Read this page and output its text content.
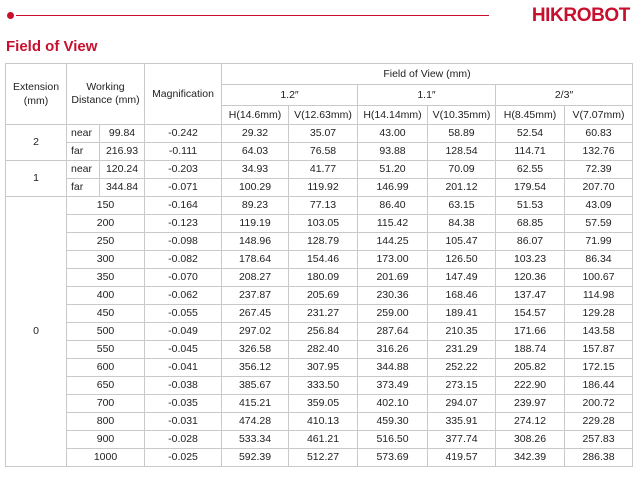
HIKROBOT
Field of View
Extension (mm)	Working Distance (mm)		Magnification	Field of View (mm)					
				1.2″		1.1″		2/3″	
				H(14.6mm)	V(12.63mm)	H(14.14mm)	V(10.35mm)	H(8.45mm)	V(7.07mm)
2	near	99.84	-0.242	29.32	35.07	43.00	58.89	52.54	60.83
	far	216.93	-0.111	64.03	76.58	93.88	128.54	114.71	132.76
1	near	120.24	-0.203	34.93	41.77	51.20	70.09	62.55	72.39
	far	344.84	-0.071	100.29	119.92	146.99	201.12	179.54	207.70
0	150		-0.164	89.23	77.13	86.40	63.15	51.53	43.09
	200		-0.123	119.19	103.05	115.42	84.38	68.85	57.59
	250		-0.098	148.96	128.79	144.25	105.47	86.07	71.99
	300		-0.082	178.64	154.46	173.00	126.50	103.23	86.34
	350		-0.070	208.27	180.09	201.69	147.49	120.36	100.67
	400		-0.062	237.87	205.69	230.36	168.46	137.47	114.98
	450		-0.055	267.45	231.27	259.00	189.41	154.57	129.28
	500		-0.049	297.02	256.84	287.64	210.35	171.66	143.58
	550		-0.045	326.58	282.40	316.26	231.29	188.74	157.87
	600		-0.041	356.12	307.95	344.88	252.22	205.82	172.15
	650		-0.038	385.67	333.50	373.49	273.15	222.90	186.44
	700		-0.035	415.21	359.05	402.10	294.07	239.97	200.72
	800		-0.031	474.28	410.13	459.30	335.91	274.12	229.28
	900		-0.028	533.34	461.21	516.50	377.74	308.26	257.83
	1000		-0.025	592.39	512.27	573.69	419.57	342.39	286.38
